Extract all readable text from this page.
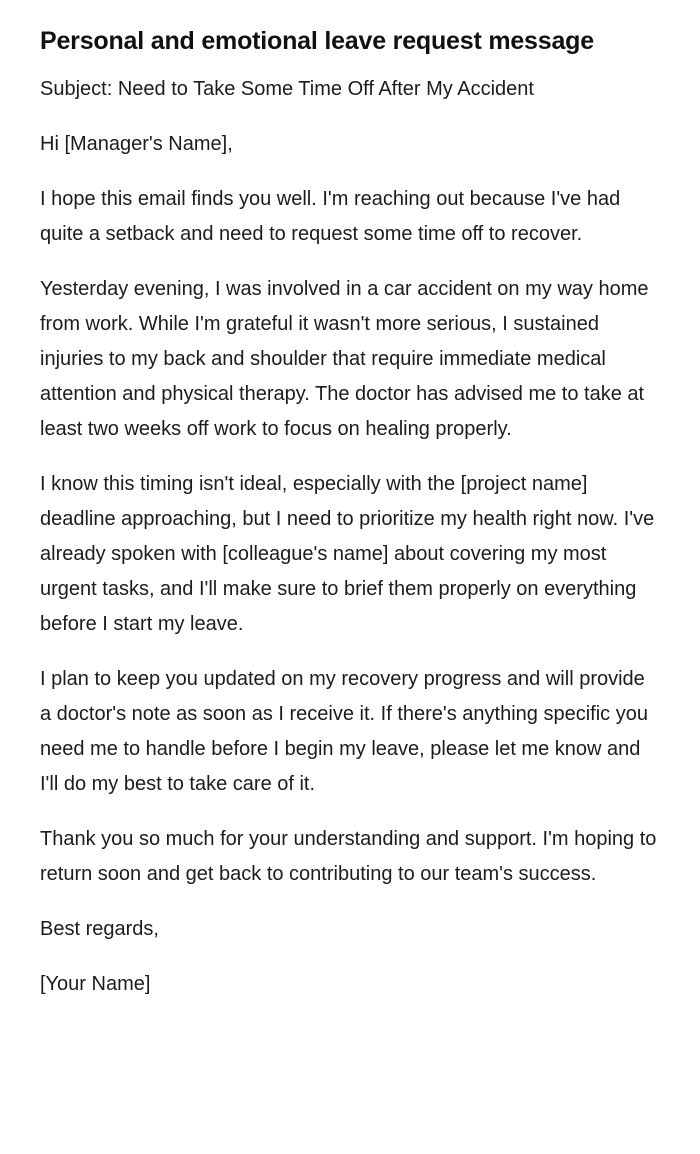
Personal and emotional leave request message

Subject: Need to Take Some Time Off After My Accident

Hi [Manager's Name],

I hope this email finds you well. I'm reaching out because I've had quite a setback and need to request some time off to recover.

Yesterday evening, I was involved in a car accident on my way home from work. While I'm grateful it wasn't more serious, I sustained injuries to my back and shoulder that require immediate medical attention and physical therapy. The doctor has advised me to take at least two weeks off work to focus on healing properly.

I know this timing isn't ideal, especially with the [project name] deadline approaching, but I need to prioritize my health right now. I've already spoken with [colleague's name] about covering my most urgent tasks, and I'll make sure to brief them properly on everything before I start my leave.

I plan to keep you updated on my recovery progress and will provide a doctor's note as soon as I receive it. If there's anything specific you need me to handle before I begin my leave, please let me know and I'll do my best to take care of it.

Thank you so much for your understanding and support. I'm hoping to return soon and get back to contributing to our team's success.

Best regards,

[Your Name]
